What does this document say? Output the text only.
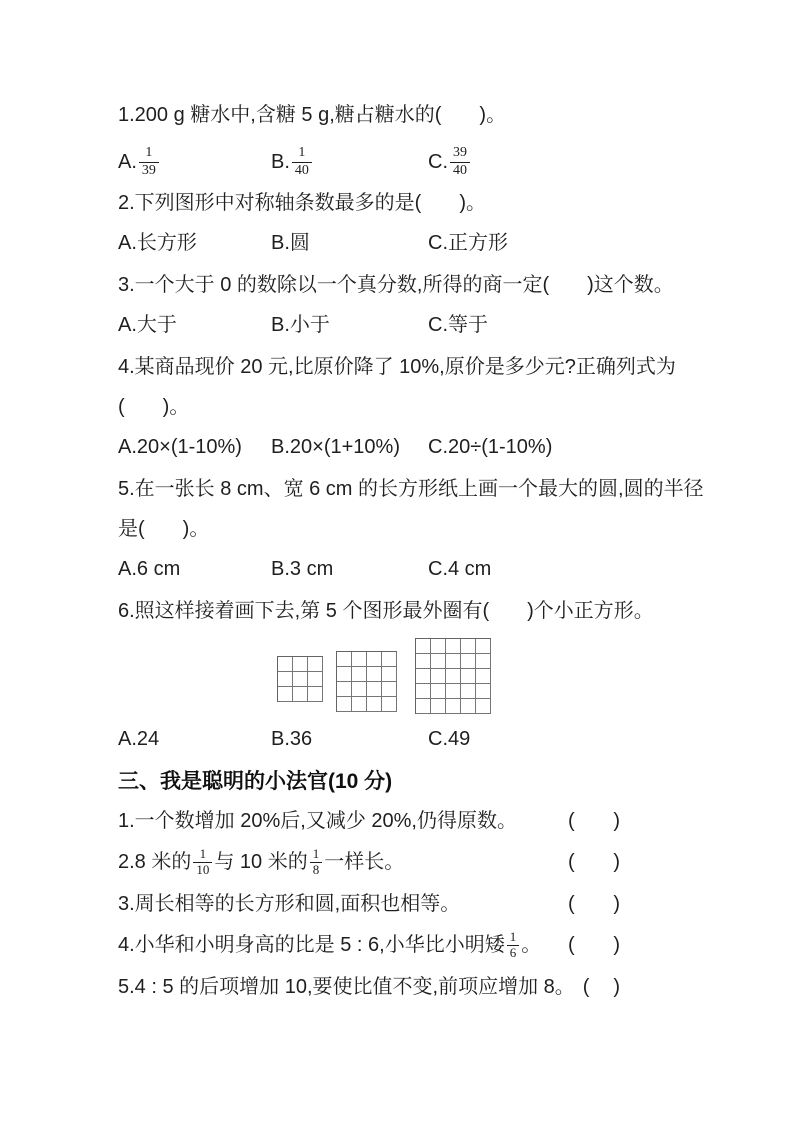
1.200 g 糖水中,含糖 5 g,糖占糖水的( )。
A. $\frac{1}{39}$	B. $\frac{1}{40}$	C. $\frac{39}{40}$
2.下列图形中对称轴条数最多的是( )。
A.长方形	B.圆	C.正方形
3.一个大于 0 的数除以一个真分数,所得的商一定( )这个数。
A.大于	B.小于	C.等于
4.某商品现价 20 元,比原价降了 10%,原价是多少元?正确列式为
( )。
A.20×(1-10%) B.20×(1+10%) C.20÷(1-10%)
5.在一张长 8 cm、宽 6 cm 的长方形纸上画一个最大的圆,圆的半径
是( )。
A.6 cm	B.3 cm	C.4 cm
6.照这样接着画下去,第 5 个图形最外圈有( )个小正方形。
A.24	B.36	C.49
三、我是聪明的小法官(10 分)
1.一个数增加 20%后,又减少 20%,仍得原数。	( )
2.8 米的 $\frac{1}{10}$ 与 10 米的 $\frac{1}{8}$ 一样长。	( )
3.周长相等的长方形和圆,面积也相等。	( )
4.小华和小明身高的比是 5 : 6,小华比小明矮 $\frac{1}{6}$ 。 ( )
5.4 : 5 的后项增加 10,要使比值不变,前项应增加 8。 ( )
